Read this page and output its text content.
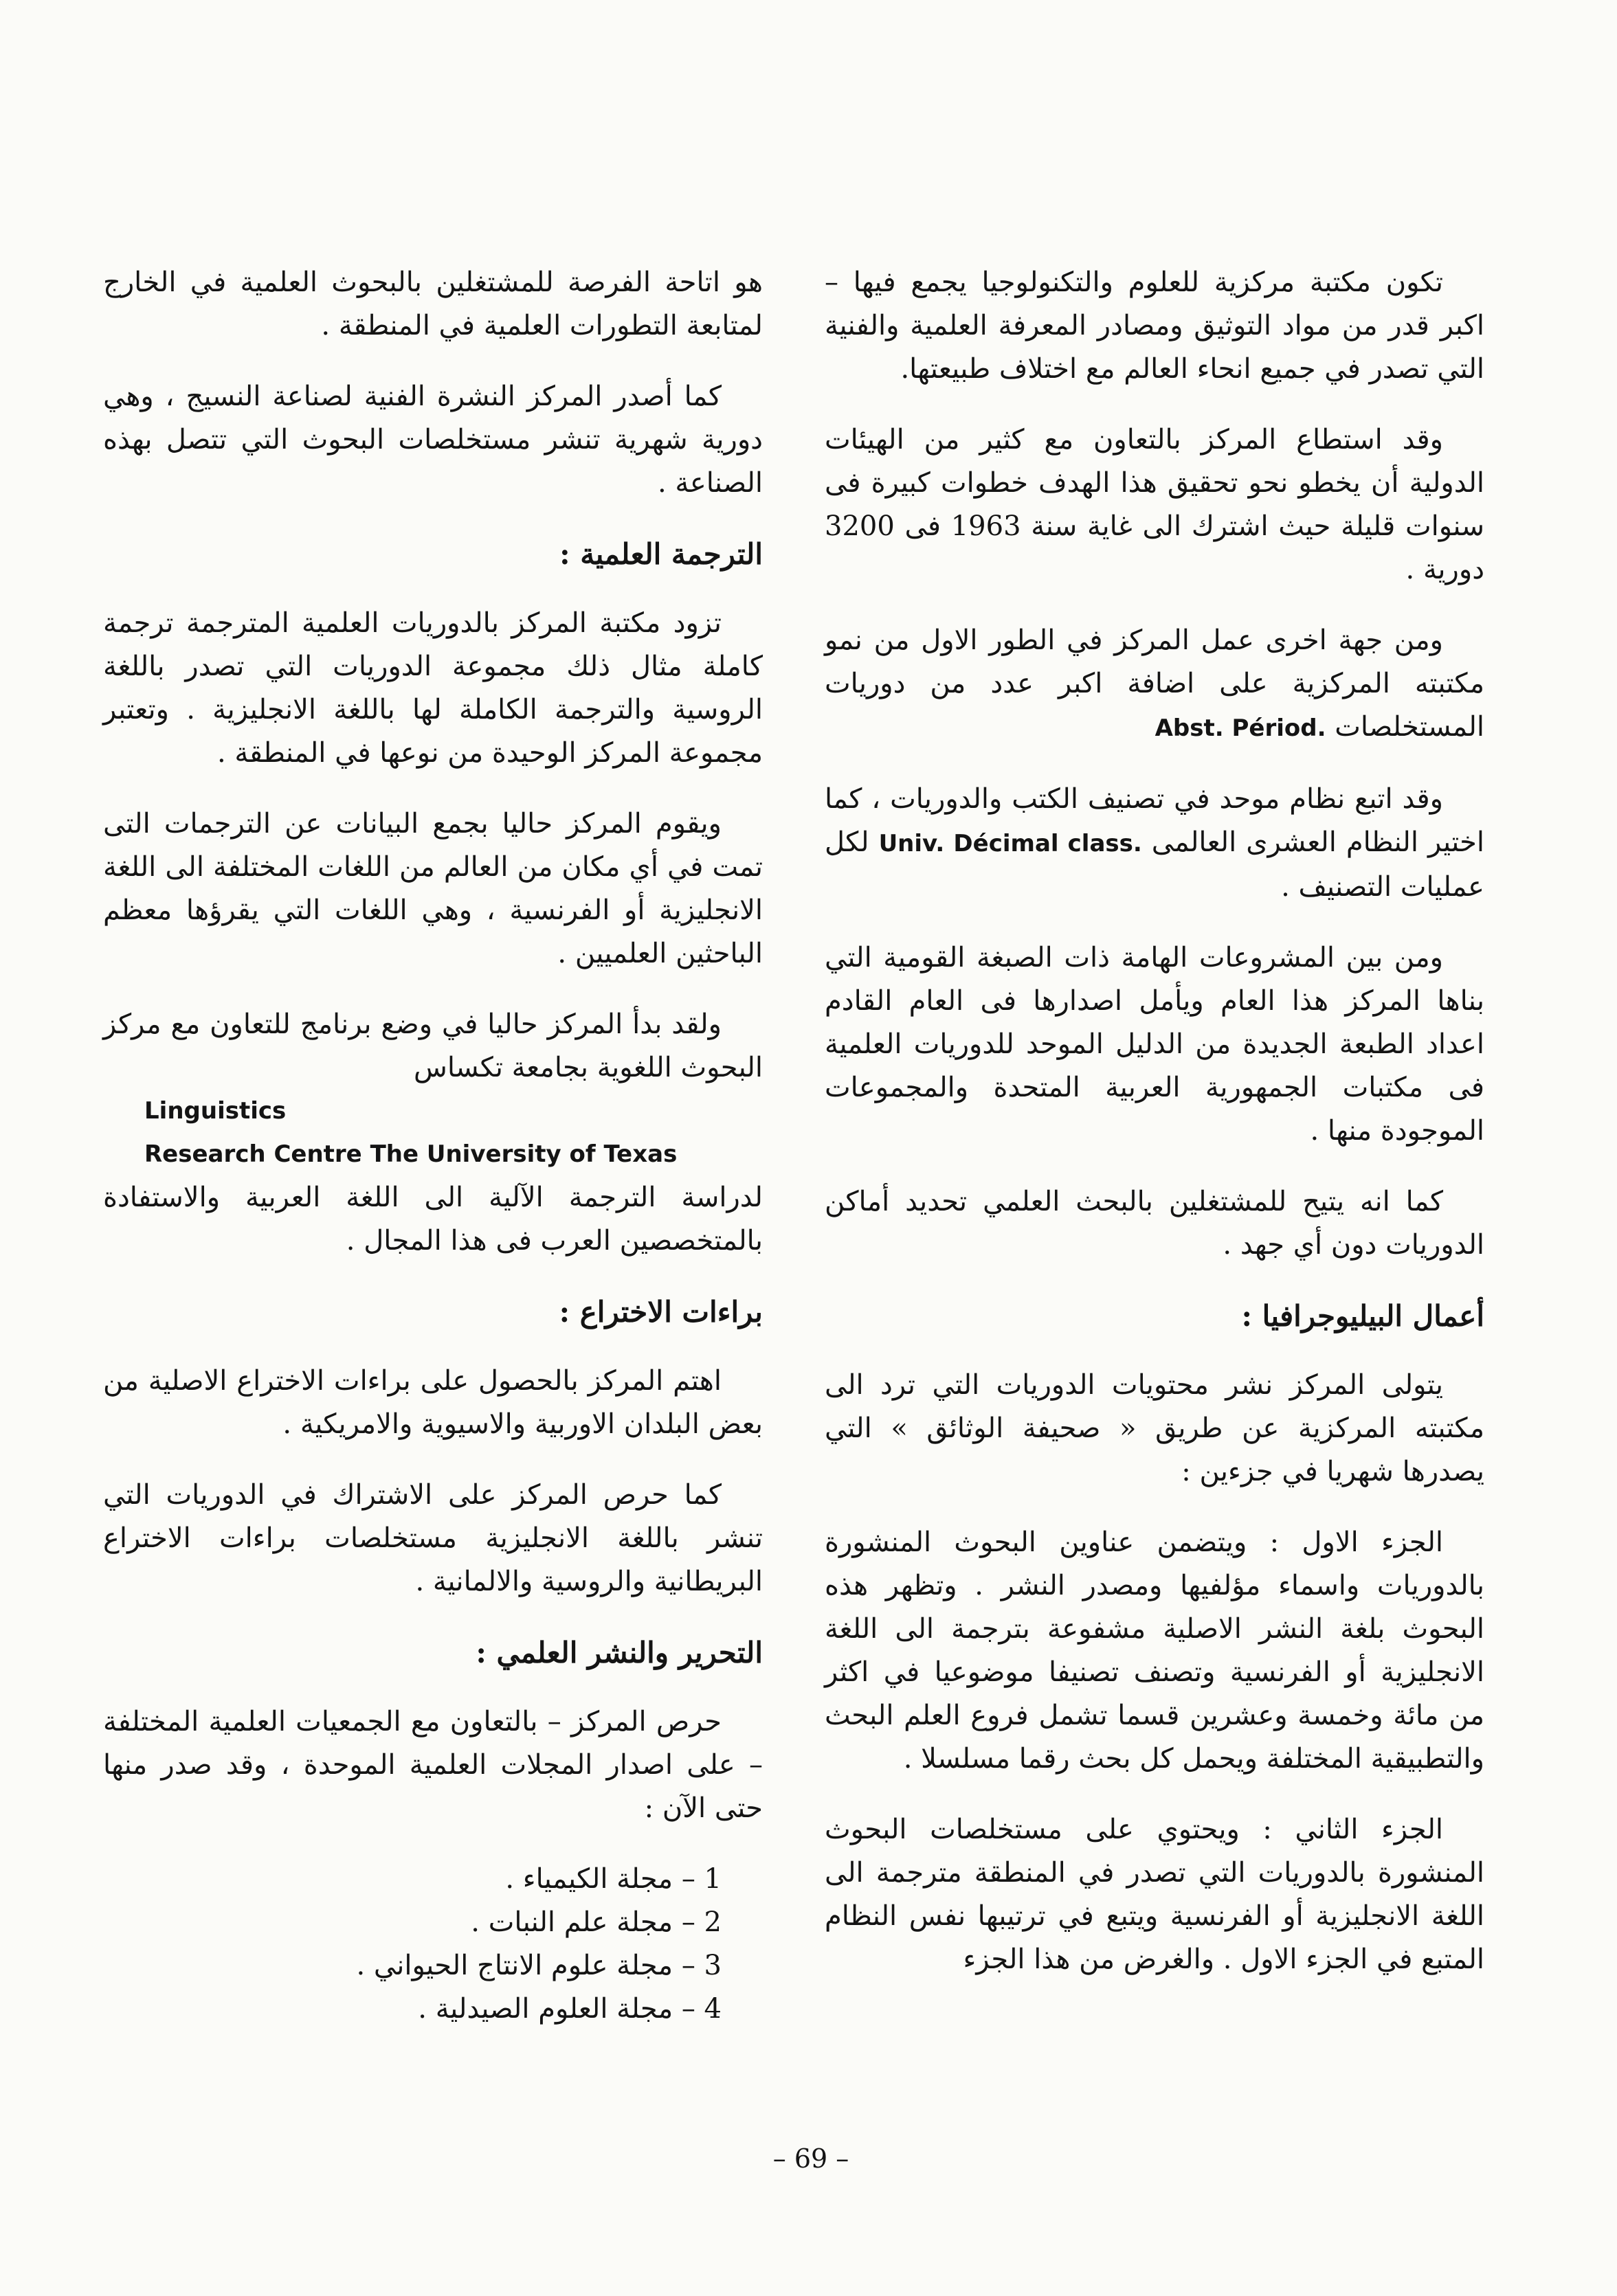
تكون مكتبة مركزية للعلوم والتكنولوجيا يجمع فيها – اكبر قدر من مواد التوثيق ومصادر المعرفة العلمية والفنية التي تصدر في جميع انحاء العالم مع اختلاف طبيعتها.

وقد استطاع المركز بالتعاون مع كثير من الهيئات الدولية أن يخطو نحو تحقيق هذا الهدف خطوات كبيرة فى سنوات قليلة حيث اشترك الى غاية سنة 1963 فى 3200 دورية .

ومن جهة اخرى عمل المركز في الطور الاول من نمو مكتبته المركزية على اضافة اكبر عدد من دوريات المستخلصات Abst. Périod.

وقد اتبع نظام موحد في تصنيف الكتب والدوريات ، كما اختير النظام العشرى العالمى Univ. Décimal class. لكل عمليات التصنيف .

ومن بين المشروعات الهامة ذات الصبغة القومية التي بناها المركز هذا العام ويأمل اصدارها فى العام القادم اعداد الطبعة الجديدة من الدليل الموحد للدوريات العلمية فى مكتبات الجمهورية العربية المتحدة والمجموعات الموجودة منها .

كما انه يتيح للمشتغلين بالبحث العلمي تحديد أماكن الدوريات دون أي جهد .

أعمال البيليوجرافيا :

يتولى المركز نشر محتويات الدوريات التي ترد الى مكتبته المركزية عن طريق « صحيفة الوثائق » التي يصدرها شهريا في جزءين :

الجزء الاول : ويتضمن عناوين البحوث المنشورة بالدوريات واسماء مؤلفيها ومصدر النشر . وتظهر هذه البحوث بلغة النشر الاصلية مشفوعة بترجمة الى اللغة الانجليزية أو الفرنسية وتصنف تصنيفا موضوعيا في اكثر من مائة وخمسة وعشرين قسما تشمل فروع العلم البحث والتطبيقية المختلفة ويحمل كل بحث رقما مسلسلا .

الجزء الثاني : ويحتوي على مستخلصات البحوث المنشورة بالدوريات التي تصدر في المنطقة مترجمة الى اللغة الانجليزية أو الفرنسية ويتبع في ترتيبها نفس النظام المتبع في الجزء الاول . والغرض من هذا الجزء

هو اتاحة الفرصة للمشتغلين بالبحوث العلمية في الخارج لمتابعة التطورات العلمية في المنطقة .

كما أصدر المركز النشرة الفنية لصناعة النسيج ، وهي دورية شهرية تنشر مستخلصات البحوث التي تتصل بهذه الصناعة .

الترجمة العلمية :

تزود مكتبة المركز بالدوريات العلمية المترجمة ترجمة كاملة مثال ذلك مجموعة الدوريات التي تصدر باللغة الروسية والترجمة الكاملة لها باللغة الانجليزية . وتعتبر مجموعة المركز الوحيدة من نوعها في المنطقة .

ويقوم المركز حاليا بجمع البيانات عن الترجمات التى تمت في أي مكان من العالم من اللغات المختلفة الى اللغة الانجليزية أو الفرنسية ، وهي اللغات التي يقرؤها معظم الباحثين العلميين .

ولقد بدأ المركز حاليا في وضع برنامج للتعاون مع مركز البحوث اللغوية بجامعة تكساس

Linguistics

Research Centre The University of Texas

لدراسة الترجمة الآلية الى اللغة العربية والاستفادة بالمتخصصين العرب فى هذا المجال .

براءات الاختراع :

اهتم المركز بالحصول على براءات الاختراع الاصلية من بعض البلدان الاوربية والاسيوية والامريكية .

كما حرص المركز على الاشتراك في الدوريات التي تنشر باللغة الانجليزية مستخلصات براءات الاختراع البريطانية والروسية والالمانية .

التحرير والنشر العلمي :

حرص المركز – بالتعاون مع الجمعيات العلمية المختلفة – على اصدار المجلات العلمية الموحدة ، وقد صدر منها حتى الآن :

1 – مجلة الكيمياء .
2 – مجلة علم النبات .
3 – مجلة علوم الانتاج الحيواني .
4 – مجلة العلوم الصيدلية .
– 69 –
